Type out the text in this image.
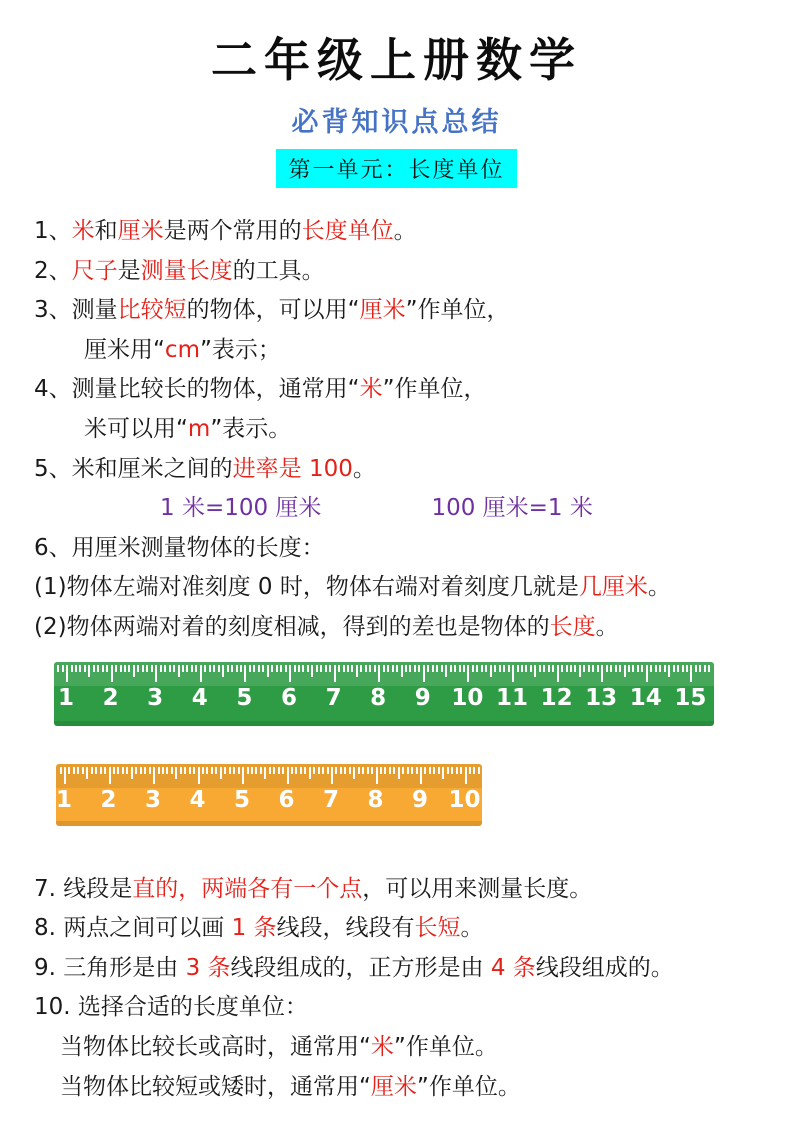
二年级上册数学
必背知识点总结
第一单元：长度单位
1、米和厘米是两个常用的长度单位。
2、尺子是测量长度的工具。
3、测量比较短的物体，可以用“厘米”作单位，
厘米用“cm”表示；
4、测量比较长的物体，通常用“米”作单位，
米可以用“m”表示。
5、米和厘米之间的进率是 100。
1 米=100 厘米	100 厘米=1 米
6、用厘米测量物体的长度：
(1)物体左端对准刻度 0 时，物体右端对着刻度几就是几厘米。
(2)物体两端对着的刻度相减，得到的差也是物体的长度。
1 2 3 4 5 6 7 8 9 10 11 12 13 14 15
1 2 3 4 5 6 7 8 9 10
7. 线段是直的，两端各有一个点，可以用来测量长度。
8. 两点之间可以画 1 条线段，线段有长短。
9. 三角形是由 3 条线段组成的，正方形是由 4 条线段组成的。
10. 选择合适的长度单位：
当物体比较长或高时，通常用“米”作单位。
当物体比较短或矮时，通常用“厘米”作单位。
